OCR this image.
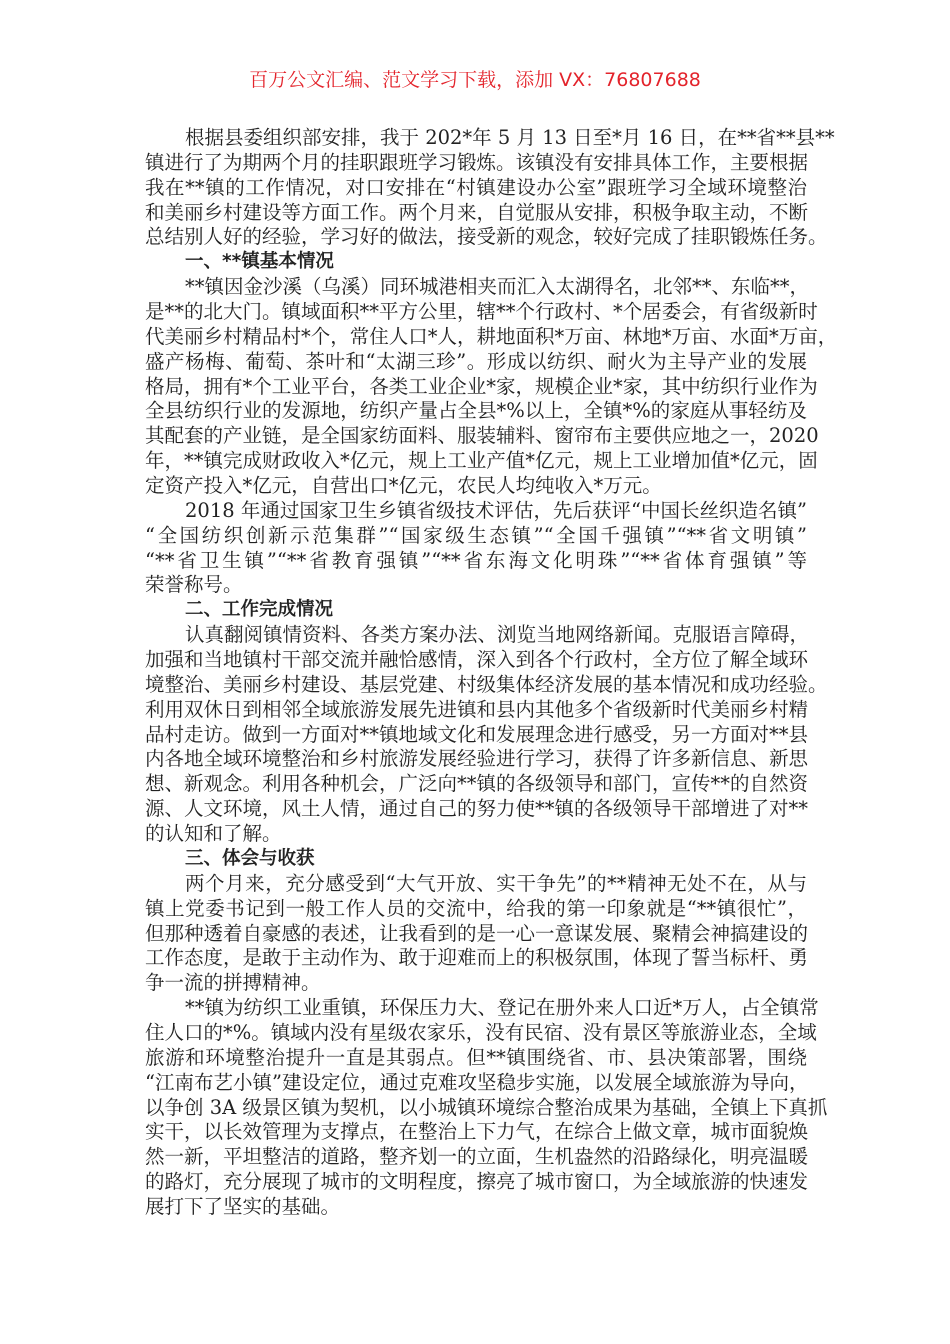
百万公文汇编、范文学习下载，添加 VX：76807688
根据县委组织部安排，我于 202*年 5 月 13 日至*月 16 日，在**省**县**
镇进行了为期两个月的挂职跟班学习锻炼。该镇没有安排具体工作，主要根据
我在**镇的工作情况，对口安排在“村镇建设办公室”跟班学习全域环境整治
和美丽乡村建设等方面工作。两个月来，自觉服从安排，积极争取主动，不断
总结别人好的经验，学习好的做法，接受新的观念，较好完成了挂职锻炼任务。
一、**镇基本情况
**镇因金沙溪（乌溪）同环城港相夹而汇入太湖得名，北邻**、东临**，
是**的北大门。镇域面积**平方公里，辖**个行政村、*个居委会，有省级新时
代美丽乡村精品村*个，常住人口*人，耕地面积*万亩、林地*万亩、水面*万亩，
盛产杨梅、葡萄、茶叶和“太湖三珍”。形成以纺织、耐火为主导产业的发展
格局，拥有*个工业平台，各类工业企业*家，规模企业*家，其中纺织行业作为
全县纺织行业的发源地，纺织产量占全县*%以上，全镇*%的家庭从事轻纺及
其配套的产业链，是全国家纺面料、服装辅料、窗帘布主要供应地之一，2020
年，**镇完成财政收入*亿元，规上工业产值*亿元，规上工业增加值*亿元，固
定资产投入*亿元，自营出口*亿元，农民人均纯收入*万元。
2018 年通过国家卫生乡镇省级技术评估，先后获评“中国长丝织造名镇”
“全国纺织创新示范集群”“国家级生态镇”“全国千强镇”“**省文明镇”
“**省卫生镇”“**省教育强镇”“**省东海文化明珠”“**省体育强镇”等
荣誉称号。
二、工作完成情况
认真翻阅镇情资料、各类方案办法、浏览当地网络新闻。克服语言障碍，
加强和当地镇村干部交流并融恰感情，深入到各个行政村，全方位了解全域环
境整治、美丽乡村建设、基层党建、村级集体经济发展的基本情况和成功经验。
利用双休日到相邻全域旅游发展先进镇和县内其他多个省级新时代美丽乡村精
品村走访。做到一方面对**镇地域文化和发展理念进行感受，另一方面对**县
内各地全域环境整治和乡村旅游发展经验进行学习，获得了许多新信息、新思
想、新观念。利用各种机会，广泛向**镇的各级领导和部门，宣传**的自然资
源、人文环境，风土人情，通过自己的努力使**镇的各级领导干部增进了对**
的认知和了解。
三、体会与收获
两个月来，充分感受到“大气开放、实干争先”的**精神无处不在，从与
镇上党委书记到一般工作人员的交流中，给我的第一印象就是“**镇很忙”，
但那种透着自豪感的表述，让我看到的是一心一意谋发展、聚精会神搞建设的
工作态度，是敢于主动作为、敢于迎难而上的积极氛围，体现了誓当标杆、勇
争一流的拼搏精神。
**镇为纺织工业重镇，环保压力大、登记在册外来人口近*万人，占全镇常
住人口的*%。镇域内没有星级农家乐，没有民宿、没有景区等旅游业态，全域
旅游和环境整治提升一直是其弱点。但**镇围绕省、市、县决策部署，围绕
“江南布艺小镇”建设定位，通过克难攻坚稳步实施，以发展全域旅游为导向，
以争创 3A 级景区镇为契机，以小城镇环境综合整治成果为基础，全镇上下真抓
实干，以长效管理为支撑点，在整治上下力气，在综合上做文章，城市面貌焕
然一新，平坦整洁的道路，整齐划一的立面，生机盎然的沿路绿化，明亮温暖
的路灯，充分展现了城市的文明程度，擦亮了城市窗口，为全域旅游的快速发
展打下了坚实的基础。
